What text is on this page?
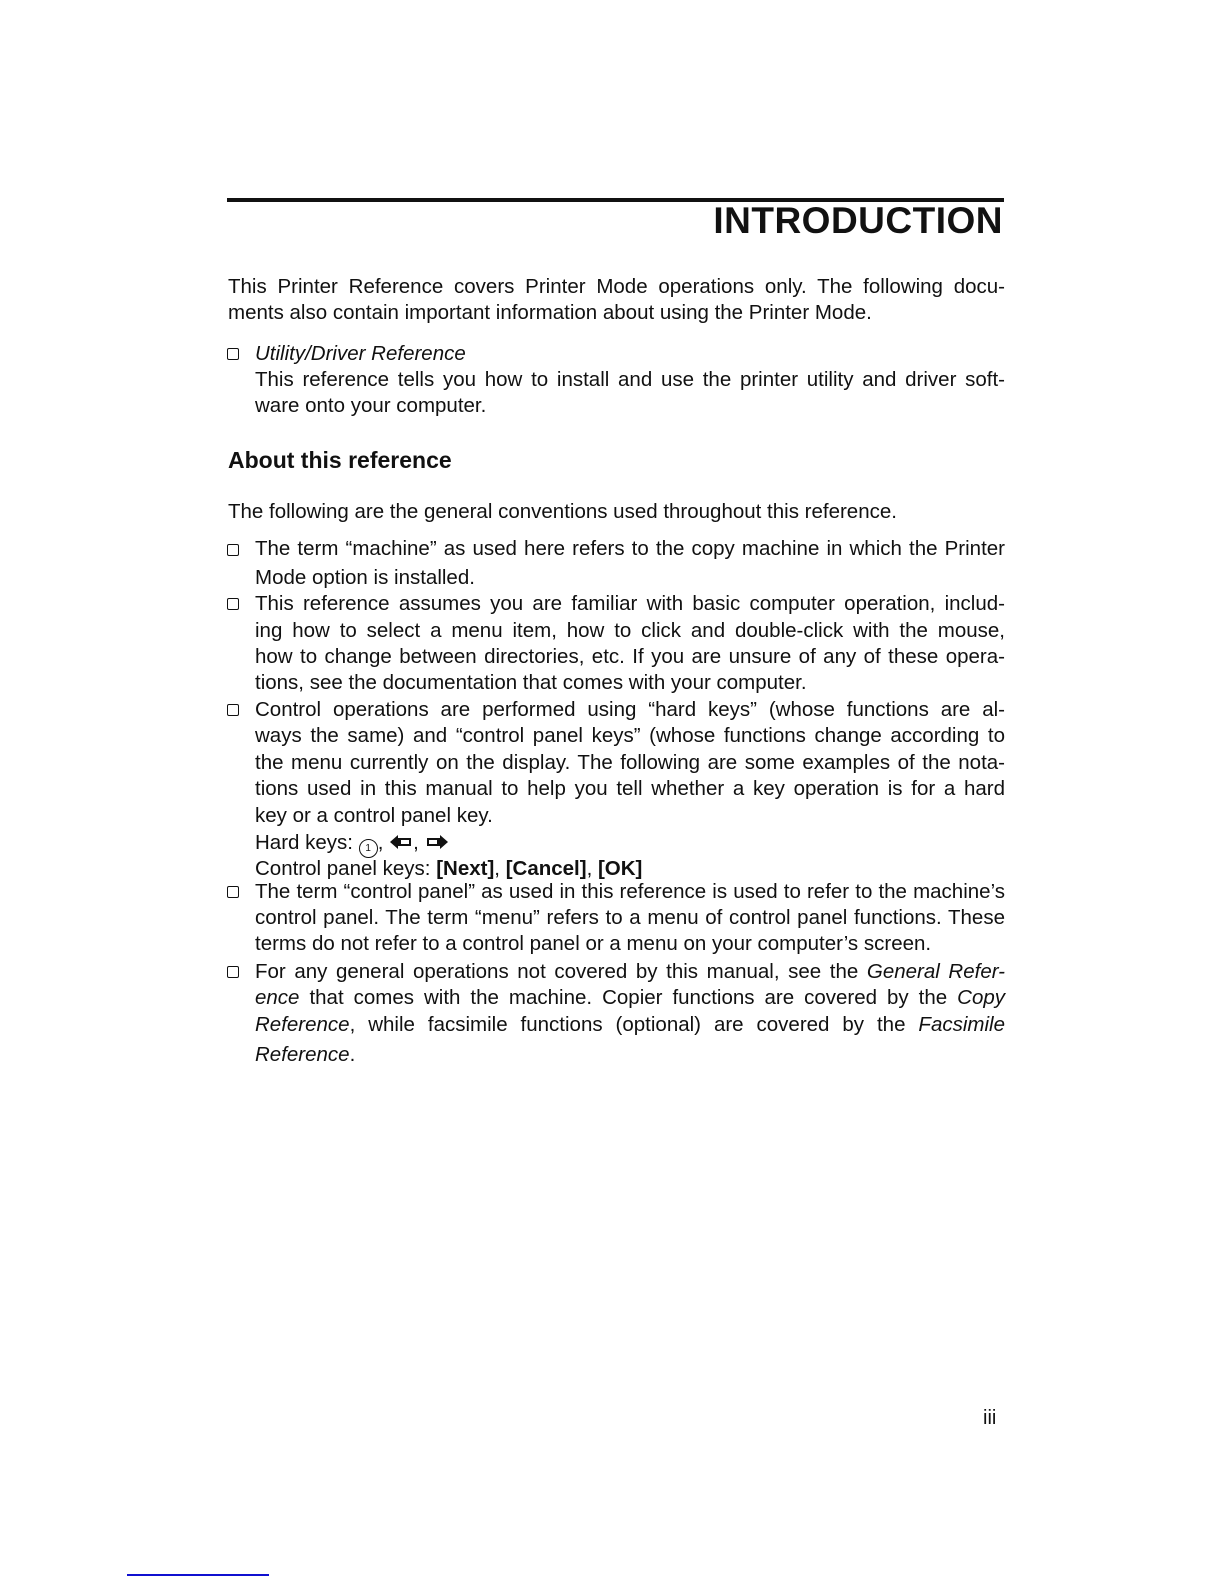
INTRODUCTION
This Printer Reference covers Printer Mode operations only. The following docu-
ments also contain important information about using the Printer Mode.
Utility/Driver Reference
This reference tells you how to install and use the printer utility and driver soft-
ware onto your computer.
About this reference
The following are the general conventions used throughout this reference.
The term “machine” as used here refers to the copy machine in which the Printer
Mode option is installed.
This reference assumes you are familiar with basic computer operation, includ-
ing how to select a menu item, how to click and double-click with the mouse,
how to change between directories, etc. If you are unsure of any of these opera-
tions, see the documentation that comes with your computer.
Control operations are performed using “hard keys” (whose functions are al-
ways the same) and “control panel keys” (whose functions change according to
the menu currently on the display. The following are some examples of the nota-
tions used in this manual to help you tell whether a key operation is for a hard
key or a control panel key.
Hard keys: 1 , ,
Control panel keys: [Next], [Cancel], [OK]
The term “control panel” as used in this reference is used to refer to the machine’s
control panel. The term “menu” refers to a menu of control panel functions. These
terms do not refer to a control panel or a menu on your computer’s screen.
For any general operations not covered by this manual, see the General Refer-
ence that comes with the machine. Copier functions are covered by the Copy
Reference, while facsimile functions (optional) are covered by the Facsimile
Reference.
iii
